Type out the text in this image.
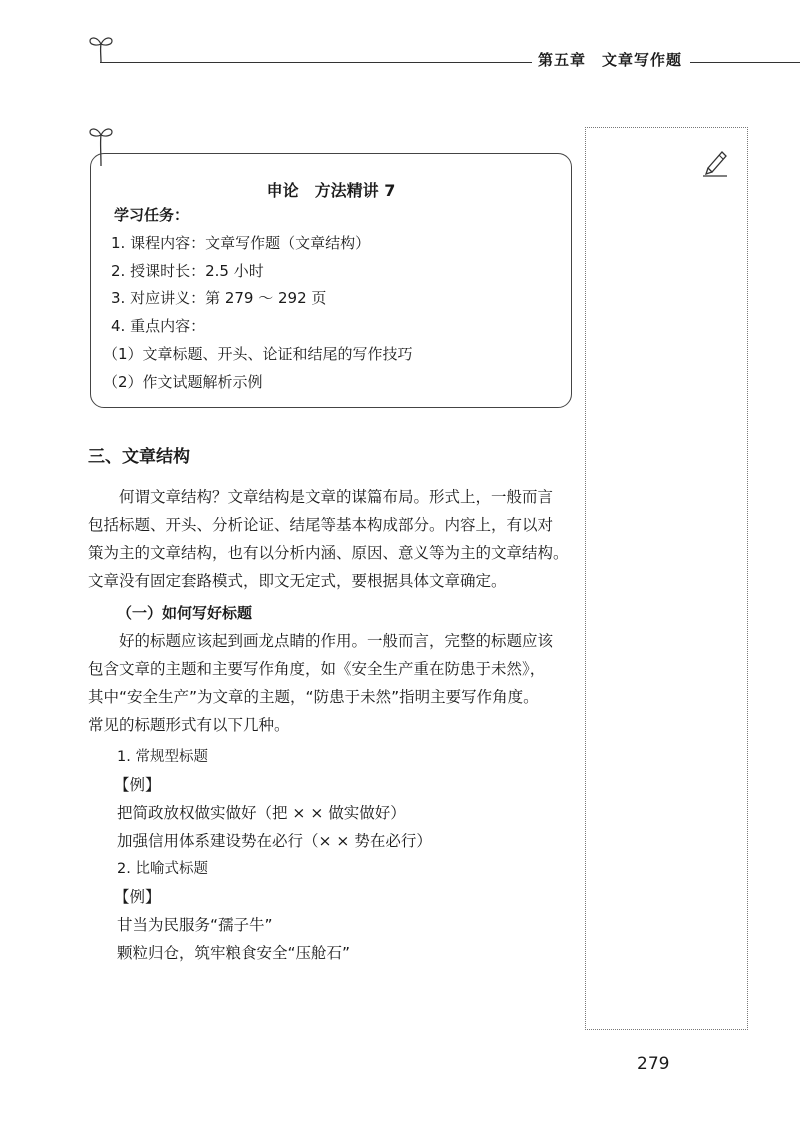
第五章　文章写作题
申论　方法精讲 7
学习任务：
1. 课程内容：文章写作题（文章结构）
2. 授课时长：2.5 小时
3. 对应讲义：第 279 ～ 292 页
4. 重点内容：
（1）文章标题、开头、论证和结尾的写作技巧
（2）作文试题解析示例
三、文章结构
何谓文章结构？文章结构是文章的谋篇布局。形式上，一般而言
包括标题、开头、分析论证、结尾等基本构成部分。内容上，有以对
策为主的文章结构，也有以分析内涵、原因、意义等为主的文章结构。
文章没有固定套路模式，即文无定式，要根据具体文章确定。
（一）如何写好标题
好的标题应该起到画龙点睛的作用。一般而言，完整的标题应该
包含文章的主题和主要写作角度，如《安全生产重在防患于未然》，
其中“安全生产”为文章的主题，“防患于未然”指明主要写作角度。
常见的标题形式有以下几种。
1. 常规型标题
【例】
把简政放权做实做好（把 × × 做实做好）
加强信用体系建设势在必行（× × 势在必行）
2. 比喻式标题
【例】
甘当为民服务“孺子牛”
颗粒归仓，筑牢粮食安全“压舱石”
279
